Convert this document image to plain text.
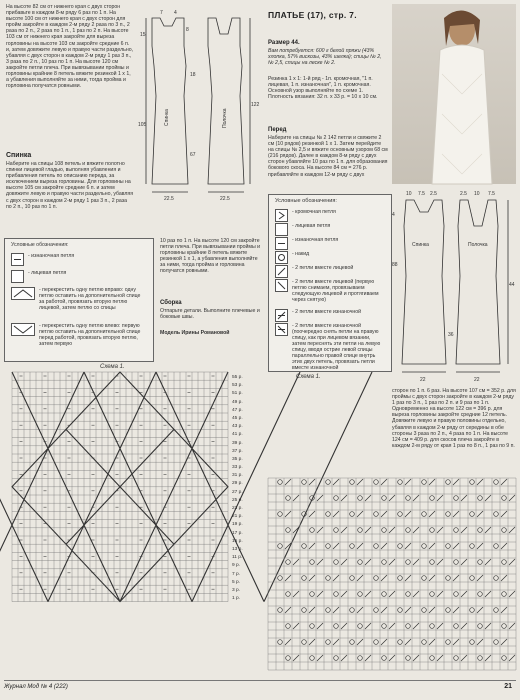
На высоте 82 см от нижнего края с двух сторон прибавьте в каждом 8-м ряду 6 раз по 1 п. На высоте 100 см от нижнего края с двух сторон для пройм закройте в каждом 2-м ряду 2 раза по 3 п., 2 раза по 2 п., 2 раза по 1 п., 1 раз по 2 п. На высоте 103 см от нижнего края закройте для выреза горловины на высоте 103 см закройте средние 6 п. и, затем довяжите левую и правую части раздельно, убавляя с двух сторон в каждом 2-м ряду 1 раз 3 п., 3 раза по 2 п., 10 раз по 1 п. На высоте 120 см закройте петли плеча. При вывязывании проймы и горловины крайние 8 петель вяжите резинкой 1 х 1, а убавления выполняйте за ними, тогда пройма и горловина получатся ровными.
Спинка
Наберите на спицы 108 петель и вяжите полотно спинки лицевой гладью, выполняя убавления и прибавления петель по описанию переда, за исключением выреза горловины. Для горловины на высоте 105 см закройте средние 6 п. и затем довяжите левую и правую части раздельно, убавляя с двух сторон в каждом 2-м ряду 1 раз 3 п., 2 раза по 2 п., 10 раз по 1 п.
Условные обозначения:
- изнаночная петля
- лицевая петля
- перекрестить одну петлю вправо: одну петлю оставить на дополнительной спице за работой, провязать вторую петлю лицевой, затем петлю со спицы
- перекрестить одну петлю влево: первую петлю оставить на дополнительной спице перед работой, провязать вторую петлю, затем первую
Спинка	Полочка
15
7 4
8
105
122
18
67
22.5	22.5
10 раз по 1 п. На высоте 120 см закройте петли плеча. При вывязывании проймы и горловины крайние 8 петель вяжите резинкой 1 х 1, а убавления выполняйте за ними, тогда пройма и горловина получатся ровными.
Сборка
Отпарьте детали. Выполните плечевые и боковые швы.
Модель Ирины Романовой
Схема 1.
55 р.
53 р.
51 р.
49 р.
47 р.
45 р.
43 р.
41 р.
39 р.
37 р.
35 р.
33 р.
31 р.
29 р.
27 р.
25 р.
23 р.
21 р.
19 р.
17 р.
15 р.
13 р.
11 р.
9 р.
7 р.
5 р.
3 р.
1 р.
ПЛАТЬЕ (17), стр. 7.
Размер 44.
Вам потребуется: 600 г белой пряжи (43% хлопка, 57% вискозы, 43% шелка); спицы № 2, № 2,5, спицы на леске № 2.
Резинка 1 х 1: 1-й ряд - 1п. кромочная, "1 п. лицевая, 1 п. изнаночная", 1 п. кромочная.
Основной узор выполняйте по схеме 1.
Плотность вязания: 32 п. х 33 р. = 10 х 10 см.
Перед
Наберите на спицы № 2 142 петли и свяжите 2 см (10 рядов) резинкой 1 х 1. Затем перейдите на спицы № 2,5 и вяжите основным узором 68 см (216 рядов). Далее в каждом 8-м ряду с двух сторон убавляйте 10 раз по 1 п. для образования бокового скоса. На высоте 84 см = 276 р. прибавляйте в каждом 12-м ряду с двух
Спинка	Полочка
10 7.5 2.5	2.5 10 7.5
88
36
22	22
4
44
Условные обозначения:
- кромочная петля
- лицевая петля
- изнаночная петля
- накид
- 2 петли вместе лицевой
- 2 петли вместе лицевой (первую петлю снимаем, провязываем следующую лицевой и протягиваем через снятую)
- 2 петли вместе изнаночной
- 2 петли вместе изнаночной (поочередно снять петли на правую спицу, как при лицевом вязании, затем переснять эти петли на левую спицу, вводя острие левой спицы параллельно правой спице внутрь этих двух петель, провязать петли вместе изнаночной
сторон по 1 п. 6 раз. На высоте 107 см = 352 р. для проймы с двух сторон закройте в каждом 2-м ряду 1 раз по 3 п., 1 раз по 2 п. и 9 раз по 1 п. Одновременно на высоте 122 см = 396 р. для выреза горловины закройте средние 12 петель. Довяжите левую и правую половины отдельно, убавляя в каждом 2-м ряду от середины в обе стороны 3 раза по 2 п., 4 раза по 1 п. На высоте 124 см = 409 р. для скосов плеча закройте в каждом 2-м ряду от края 1 раз по 8 п., 1 раз по 9 п.
Схема 1.
Журнал Мод № 4 (222)	21
